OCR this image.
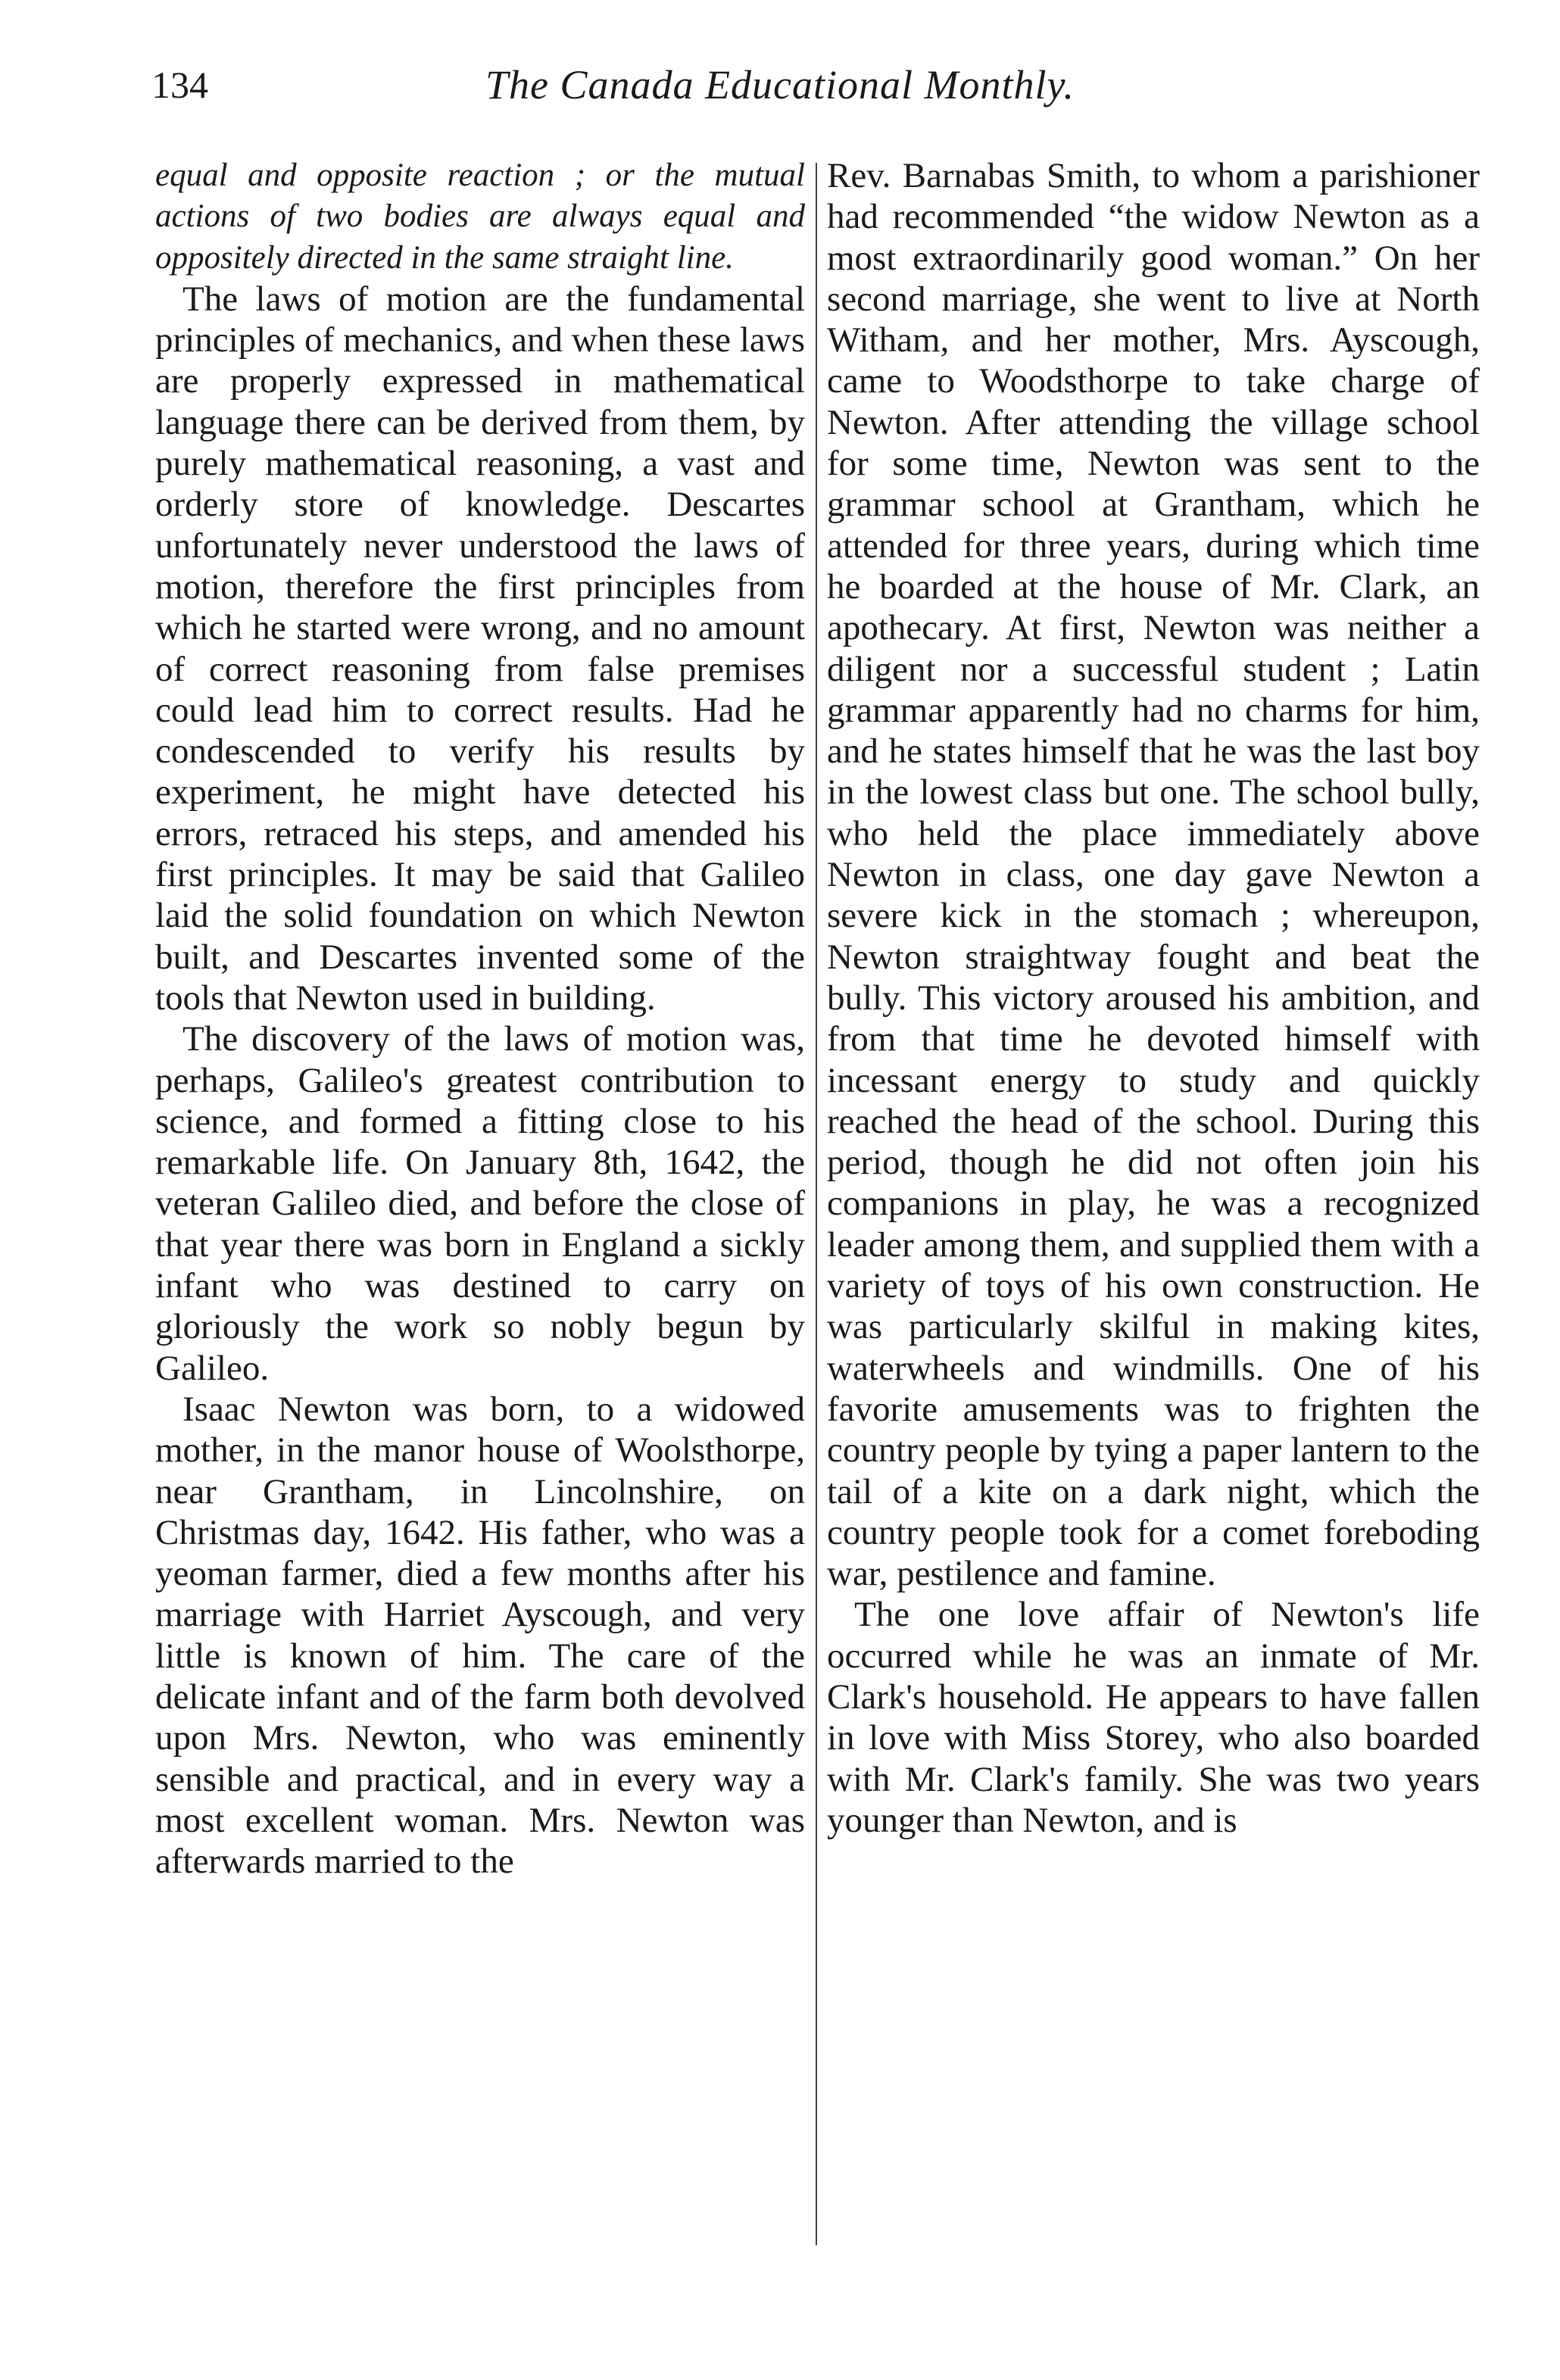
134	The Canada Educational Monthly.

equal and opposite reaction ; or the mutual actions of two bodies are always equal and oppositely directed in the same straight line.

The laws of motion are the fundamental principles of mechanics, and when these laws are properly expressed in mathematical language there can be derived from them, by purely mathematical reasoning, a vast and orderly store of knowledge. Descartes unfortunately never understood the laws of motion, therefore the first principles from which he started were wrong, and no amount of correct reasoning from false premises could lead him to correct results. Had he condescended to verify his results by experiment, he might have detected his errors, retraced his steps, and amended his first principles. It may be said that Galileo laid the solid foundation on which Newton built, and Descartes invented some of the tools that Newton used in building.

The discovery of the laws of motion was, perhaps, Galileo's greatest contribution to science, and formed a fitting close to his remarkable life. On January 8th, 1642, the veteran Galileo died, and before the close of that year there was born in England a sickly infant who was destined to carry on gloriously the work so nobly begun by Galileo.

Isaac Newton was born, to a widowed mother, in the manor house of Woolsthorpe, near Grantham, in Lincolnshire, on Christmas day, 1642. His father, who was a yeoman farmer, died a few months after his marriage with Harriet Ayscough, and very little is known of him. The care of the delicate infant and of the farm both devolved upon Mrs. Newton, who was eminently sensible and practical, and in every way a most excellent woman. Mrs. Newton was afterwards married to the

Rev. Barnabas Smith, to whom a parishioner had recommended “the widow Newton as a most extraordinarily good woman.” On her second marriage, she went to live at North Witham, and her mother, Mrs. Ayscough, came to Woodsthorpe to take charge of Newton. After attending the village school for some time, Newton was sent to the grammar school at Grantham, which he attended for three years, during which time he boarded at the house of Mr. Clark, an apothecary. At first, Newton was neither a diligent nor a successful student ; Latin grammar apparently had no charms for him, and he states himself that he was the last boy in the lowest class but one. The school bully, who held the place immediately above Newton in class, one day gave Newton a severe kick in the stomach ; whereupon, Newton straightway fought and beat the bully. This victory aroused his ambition, and from that time he devoted himself with incessant energy to study and quickly reached the head of the school. During this period, though he did not often join his companions in play, he was a recognized leader among them, and supplied them with a variety of toys of his own construction. He was particularly skilful in making kites, waterwheels and windmills. One of his favorite amusements was to frighten the country people by tying a paper lantern to the tail of a kite on a dark night, which the country people took for a comet foreboding war, pestilence and famine.

The one love affair of Newton's life occurred while he was an inmate of Mr. Clark's household. He appears to have fallen in love with Miss Storey, who also boarded with Mr. Clark's family. She was two years younger than Newton, and is
